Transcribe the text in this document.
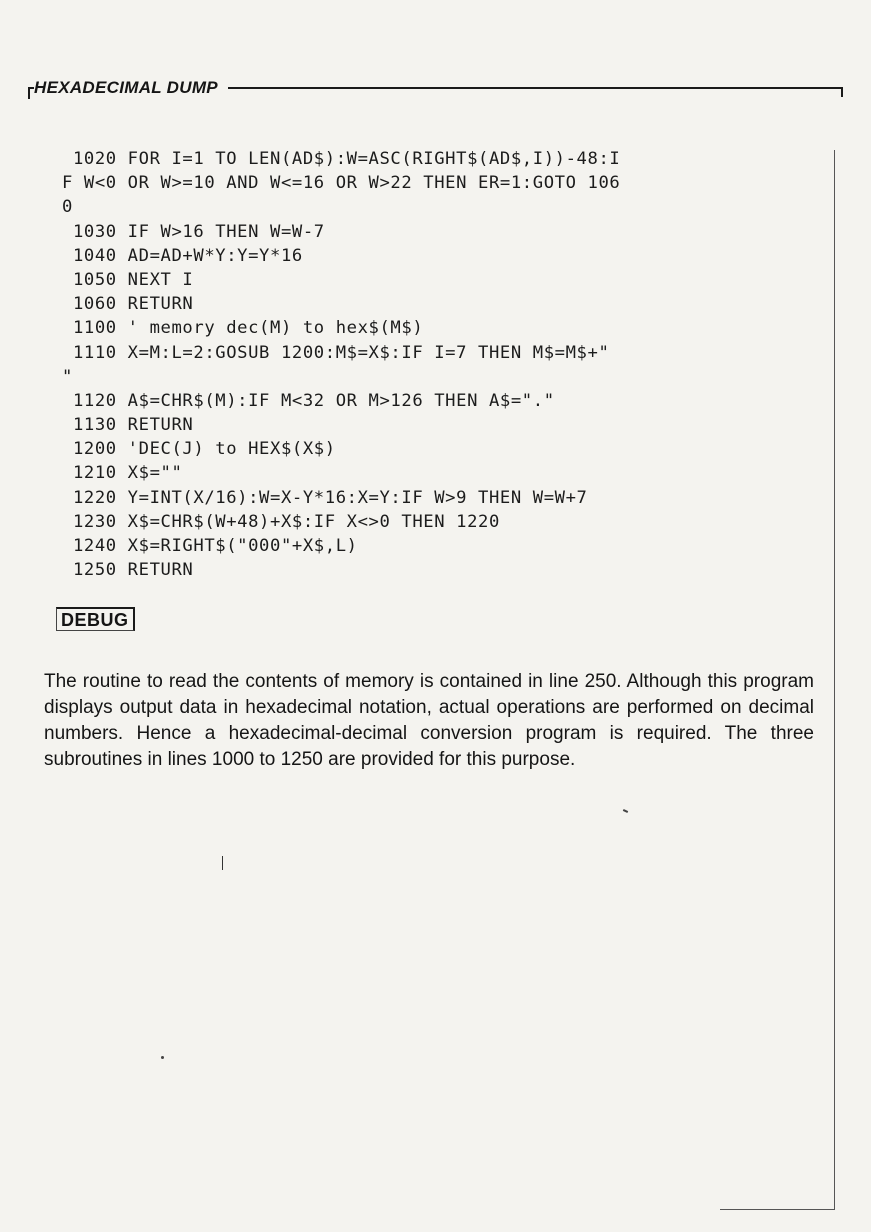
HEXADECIMAL DUMP
1020 FOR I=1 TO LEN(AD$):W=ASC(RIGHT$(AD$,I))-48:I
F W<0 OR W>=10 AND W<=16 OR W>22 THEN ER=1:GOTO 106
0
1030 IF W>16 THEN W=W-7
1040 AD=AD+W*Y:Y=Y*16
1050 NEXT I
1060 RETURN
1100 ' memory dec(M) to hex$(M$)
1110 X=M:L=2:GOSUB 1200:M$=X$:IF I=7 THEN M$=M$+"
"
1120 A$=CHR$(M):IF M<32 OR M>126 THEN A$="."
1130 RETURN
1200 'DEC(J) to HEX$(X$)
1210 X$=""
1220 Y=INT(X/16):W=X-Y*16:X=Y:IF W>9 THEN W=W+7
1230 X$=CHR$(W+48)+X$:IF X<>0 THEN 1220
1240 X$=RIGHT$("000"+X$,L)
1250 RETURN
DEBUG

The routine to read the contents of memory is contained in line 250. Although this program displays output data in hexadecimal notation, actual operations are performed on decimal numbers. Hence a hexadecimal-decimal conversion program is required. The three subroutines in lines 1000 to 1250 are provided for this purpose.
